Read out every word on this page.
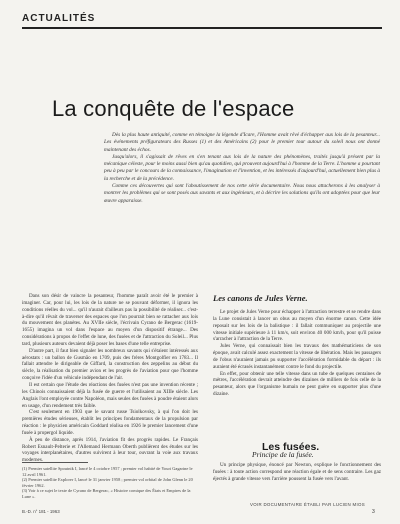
ACTUALITÉS
La conquête de l'espace

Dès la plus haute antiquité, comme en témoigne la légende d'Icare, l'Homme avait rêvé d'échapper aux lois de la pesanteur... Les événements préfigurateurs des Russes (1) et des Américains (2) pour le premier tour autour du soleil nous ont donné maintenant des échos.

Jusqu'alors, il s'agissait de rêves en s'en tenant aux lois de la nature des phénomènes, traités jusqu'à présent par la mécanique céleste, pour le moins aussi bien qu'au quotidien, qui prouvent aujourd'hui à l'homme de la Terre. L'homme a pourtant peu à peu par le concours de la connaissance, l'imagination et l'invention, et les intéressés d'aujourd'hui, actuellement bien plus à la recherche et de la précédence.

Comme ces découvertes qui sont l'aboutissement de nos cette série documentaire. Nous nous attacherons à les analyser à montrer les problèmes qui se sont posés aux savants et aux ingénieurs, et à décrire les solutions qu'ils ont adoptées pour que leur œuvre apparaisse.

Dans son désir de vaincre la pesanteur, l'homme paraît avoir été le premier à imaginer. Car, pour lui, les lois de la nature ne se pouvant déformer, il ignora les conditions réelles du vol... qu'il n'aurait d'ailleurs pas la possibilité de réaliser... c'est-à-dire qu'il rêvait de traverser des espaces que l'on pourrait bien se rattacher aux lois du mouvement des planètes. Au XVIIe siècle, l'écrivain Cyrano de Bergerac (1619-1655) imagina un vol dans l'espace au moyen d'un dispositif étrange... Des considérations à propos de l'effet de lune, des fusées et de l'attraction du Soleil... Plus tard, plusieurs auteurs devaient déjà poser les bases d'une telle entreprise.

D'autre part, il faut bien signaler les nombreux savants qui s'étaient intéressés aux aérostats : un ballon de Gusmão en 1709, puis des frères Montgolfier en 1783... Il fallait attendre le dirigeable de Giffard, la construction des zeppelins au début du siècle, la réalisation du premier avion et les progrès de l'aviation pour que l'homme conçoive l'idée d'un véhicule indépendant de l'air.

Il est certain que l'étude des réactions des fusées n'est pas une invention récente ; les Chinois connaissaient déjà la fusée de guerre et l'utilisaient au XIIIe siècle. Les Anglais l'ont employée contre Napoléon, mais seules des fusées à poudre étaient alors en usage, d'un rendement très faible.

C'est seulement en 1903 que le savant russe Tsiolkovsky, à qui l'on doit les premières études sérieuses, établit les principes fondamentaux de la propulsion par réaction : le physicien américain Goddard réalisa en 1926 le premier lancement d'une fusée à propergol liquide.

À peu de distance, après 1914, l'aviation fit des progrès rapides. Le Français Robert Esnault-Pelterie et l'Allemand Hermann Oberth publièrent des études sur les voyages interplanétaires, d'autres suivirent à leur tour, ouvrant la voie aux travaux modernes.

(1) Premier satellite Spoutnik I, lancé le 4 octobre 1957 ; premier vol habité de Youri Gagarine le 12 avril 1961.

(2) Premier satellite Explorer I, lancé le 31 janvier 1958 ; premier vol orbital de John Glenn le 20 février 1962.

(3) Voir à ce sujet le texte de Cyrano de Bergerac, « Histoire comique des États et Empires de la Lune ».

Les canons de Jules Verne.

Le projet de Jules Verne pour échapper à l'attraction terrestre et se rendre dans la Lune consistait à lancer un obus au moyen d'un énorme canon. Cette idée reposait sur les lois de la balistique : il fallait communiquer au projectile une vitesse initiale supérieure à 11 km/s, soit environ 40 000 km/h, pour qu'il puisse s'arracher à l'attraction de la Terre.

Jules Verne, qui connaissait bien les travaux des mathématiciens de son époque, avait calculé assez exactement la vitesse de libération. Mais les passagers de l'obus n'auraient jamais pu supporter l'accélération formidable du départ : ils auraient été écrasés instantanément contre le fond du projectile.

En effet, pour obtenir une telle vitesse dans un tube de quelques centaines de mètres, l'accélération devrait atteindre des dizaines de milliers de fois celle de la pesanteur, alors que l'organisme humain ne peut guère en supporter plus d'une dizaine.

Les fusées.
Principe de la fusée.

Un principe physique, énoncé par Newton, explique le fonctionnement des fusées : à toute action correspond une réaction égale et de sens contraire. Les gaz éjectés à grande vitesse vers l'arrière poussent la fusée vers l'avant.

B.-D. n° 181 - 1963
VOIR DOCUMENTAIRE ÉTABLI PAR LUCIEN MIOS
3
